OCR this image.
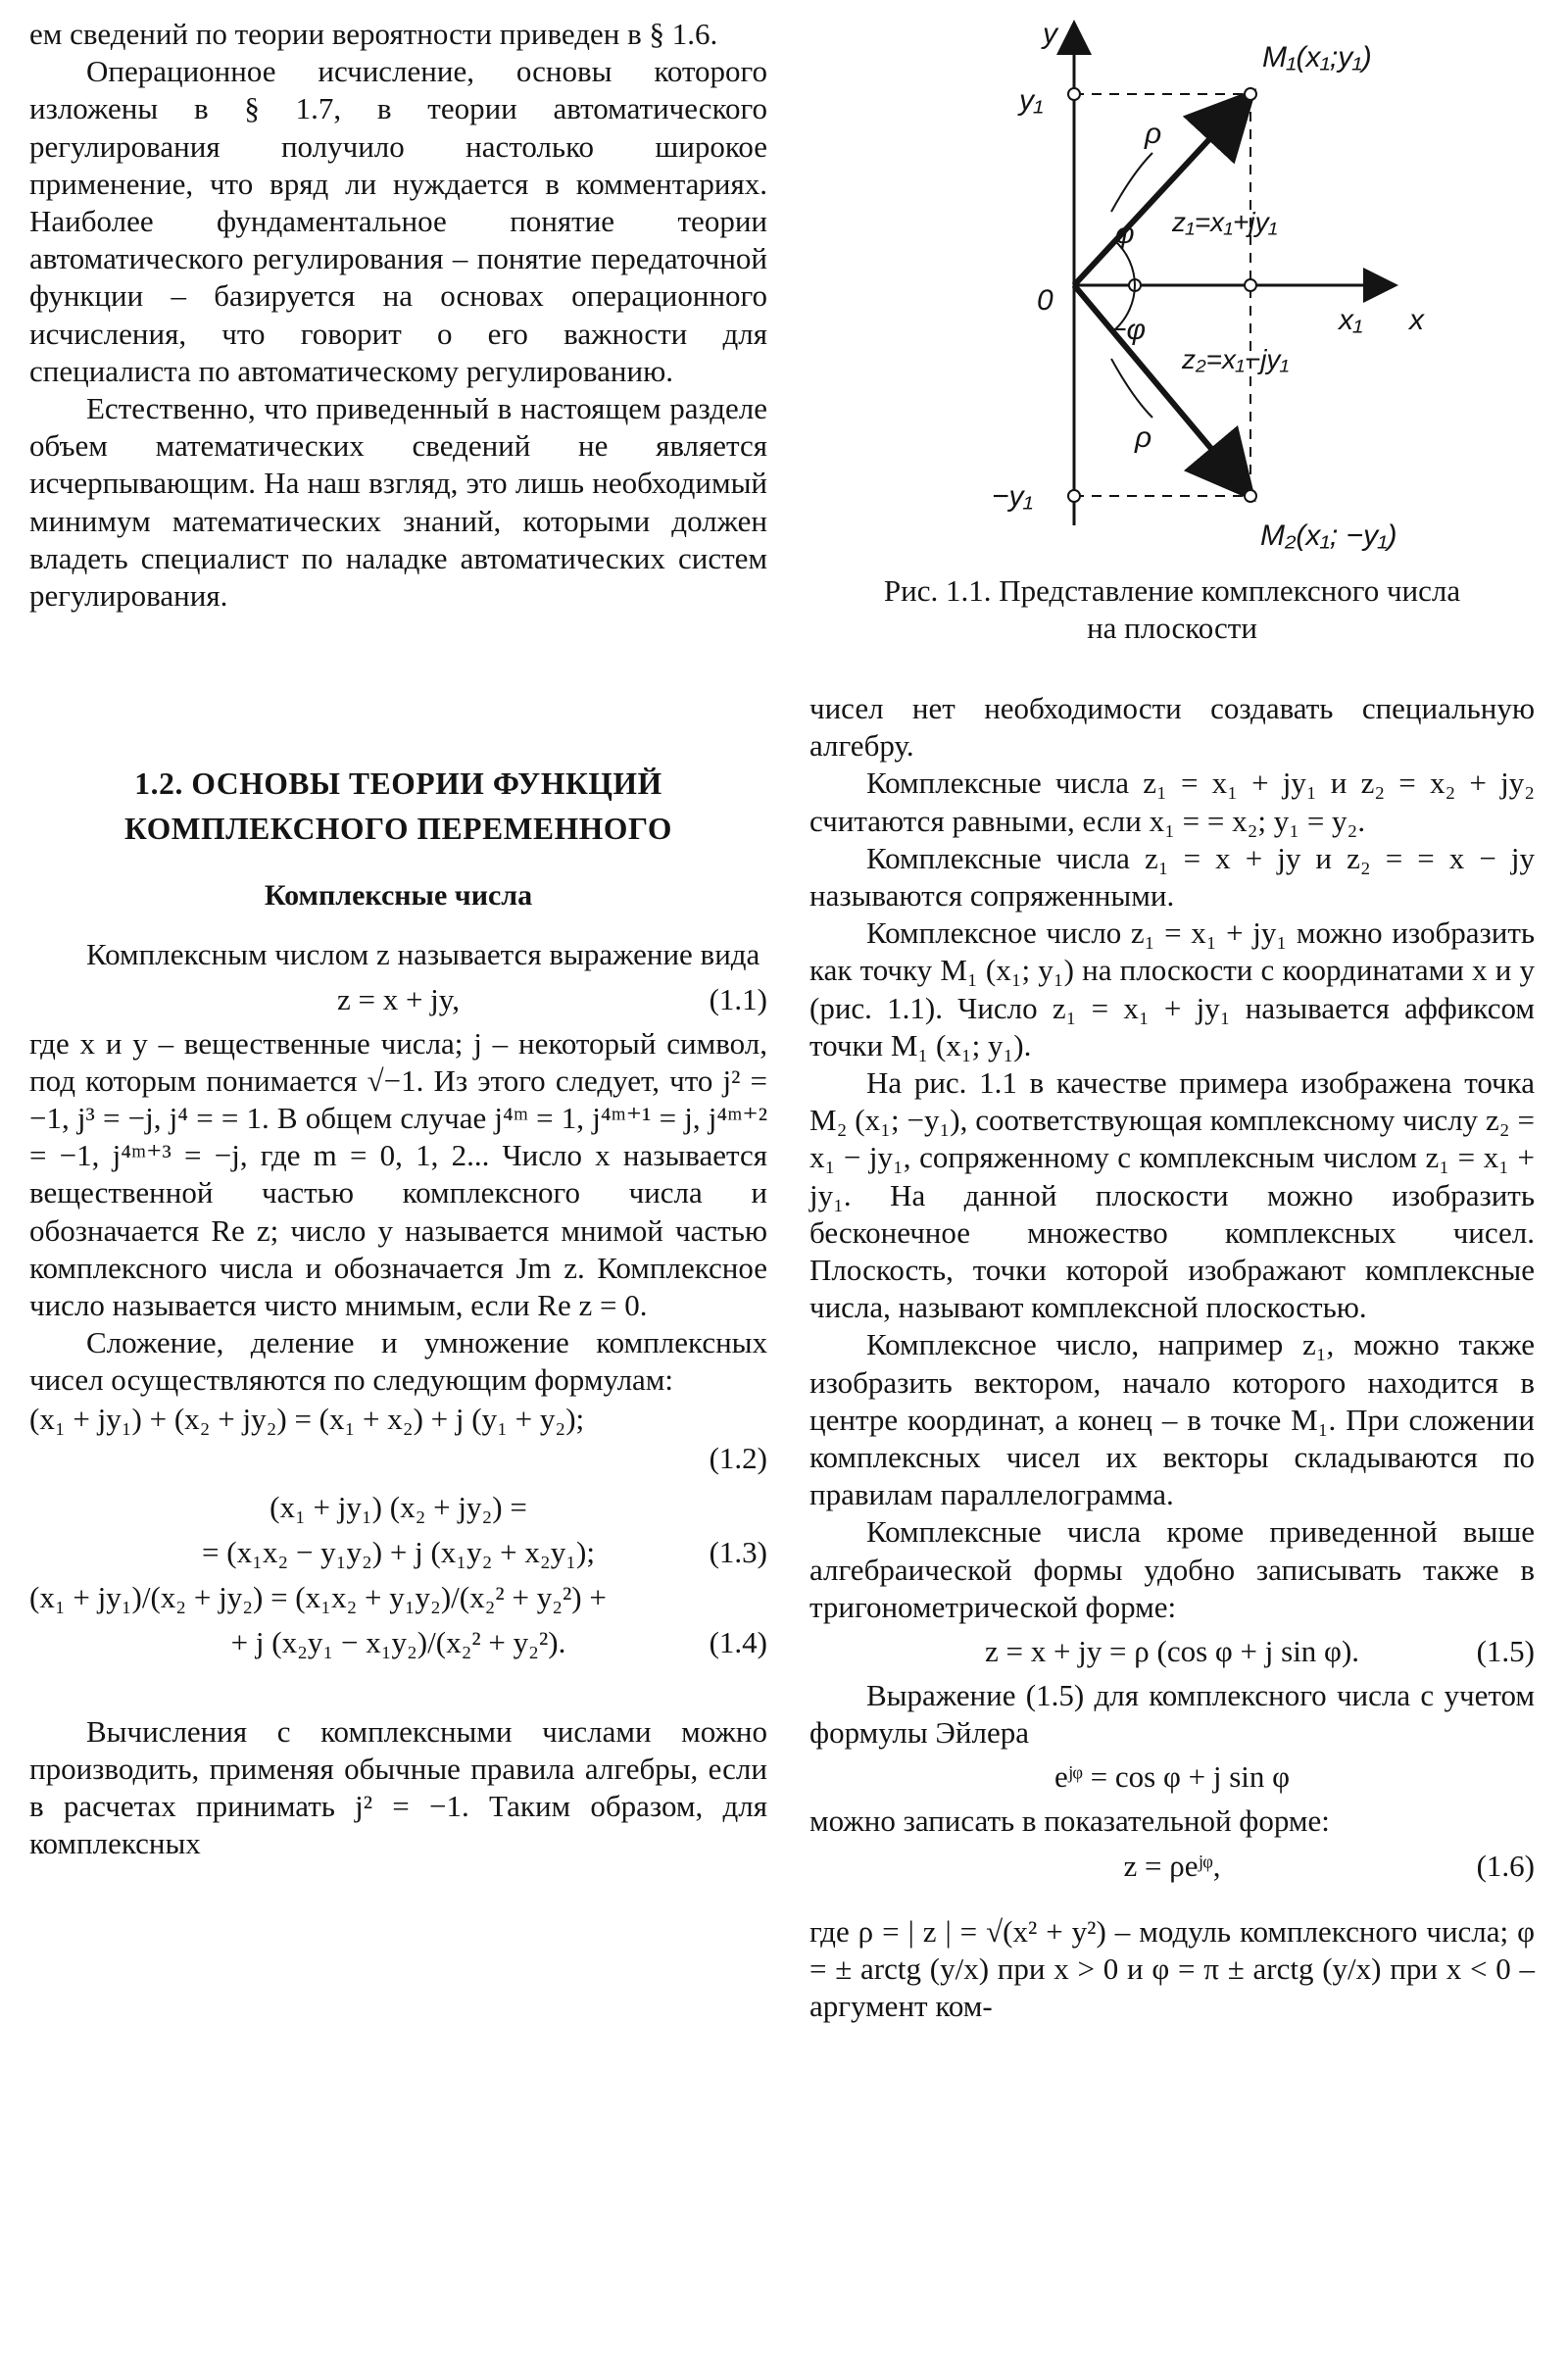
ем сведений по теории вероятности приведен в § 1.6.

Операционное исчисление, основы которого изложены в § 1.7, в теории автоматического регулирования получило настолько широкое применение, что вряд ли нуждается в комментариях. Наиболее фундаментальное понятие теории автоматического регулирования – понятие передаточной функции – базируется на основах операционного исчисления, что говорит о его важности для специалиста по автоматическому регулированию.

Естественно, что приведенный в настоящем разделе объем математических сведений не является исчерпывающим. На наш взгляд, это лишь необходимый минимум математических знаний, которыми должен владеть специалист по наладке автоматических систем регулирования.

1.2. ОСНОВЫ ТЕОРИИ ФУНКЦИЙ
КОМПЛЕКСНОГО ПЕРЕМЕННОГО
Комплексные числа

Комплексным числом z называется выражение вида

z = x + jy,	(1.1)

где x и y – вещественные числа; j – некоторый символ, под которым понимается √−1. Из этого следует, что j² = −1, j³ = −j, j⁴ = = 1. В общем случае j⁴ᵐ = 1, j⁴ᵐ⁺¹ = j, j⁴ᵐ⁺² = −1, j⁴ᵐ⁺³ = −j, где m = 0, 1, 2... Число x называется вещественной частью комплексного числа и обозначается Re z; число y называется мнимой частью комплексного числа и обозначается Jm z. Комплексное число называется чисто мнимым, если Re z = 0.

Сложение, деление и умножение комплексных чисел осуществляются по следующим формулам:

(x₁ + jy₁) + (x₂ + jy₂) = (x₁ + x₂) + j (y₁ + y₂);
(1.2)
(x₁ + jy₁) (x₂ + jy₂) =
= (x₁x₂ − y₁y₂) + j (x₁y₂ + x₂y₁);	(1.3)
(x₁ + jy₁)/(x₂ + jy₂) = (x₁x₂ + y₁y₂)/(x₂² + y₂²) +
+ j (x₂y₁ − x₁y₂)/(x₂² + y₂²).	(1.4)

Вычисления с комплексными числами можно производить, применяя обычные правила алгебры, если в расчетах принимать j² = −1. Таким образом, для комплексных

y
x
0
y₁
−y₁
x₁
ρ
ρ
φ
−φ
M₁(x₁;y₁)
M₂(x₁; −y₁)
z₁=x₁+jy₁
z₂=x₁−jy₁
Рис. 1.1. Представление комплексного числа
на плоскости

чисел нет необходимости создавать специальную алгебру.

Комплексные числа z₁ = x₁ + jy₁ и z₂ = x₂ + jy₂ считаются равными, если x₁ = = x₂; y₁ = y₂.

Комплексные числа z₁ = x + jy и z₂ = = x − jy называются сопряженными.

Комплексное число z₁ = x₁ + jy₁ можно изобразить как точку M₁ (x₁; y₁) на плоскости с координатами x и y (рис. 1.1). Число z₁ = x₁ + jy₁ называется аффиксом точки M₁ (x₁; y₁).

На рис. 1.1 в качестве примера изображена точка M₂ (x₁; −y₁), соответствующая комплексному числу z₂ = x₁ − jy₁, сопряженному с комплексным числом z₁ = x₁ + jy₁. На данной плоскости можно изобразить бесконечное множество комплексных чисел. Плоскость, точки которой изображают комплексные числа, называют комплексной плоскостью.

Комплексное число, например z₁, можно также изобразить вектором, начало которого находится в центре координат, а конец – в точке M₁. При сложении комплексных чисел их векторы складываются по правилам параллелограмма.

Комплексные числа кроме приведенной выше алгебраической формы удобно записывать также в тригонометрической форме:

z = x + jy = ρ (cos φ + j sin φ).	(1.5)

Выражение (1.5) для комплексного числа с учетом формулы Эйлера

eʲᵠ = cos φ + j sin φ

можно записать в показательной форме:

z = ρeʲᵠ,	(1.6)

где ρ = | z | = √(x² + y²) – модуль комплексного числа; φ = ± arctg (y/x) при x > 0 и φ = π ± arctg (y/x) при x < 0 – аргумент ком-
